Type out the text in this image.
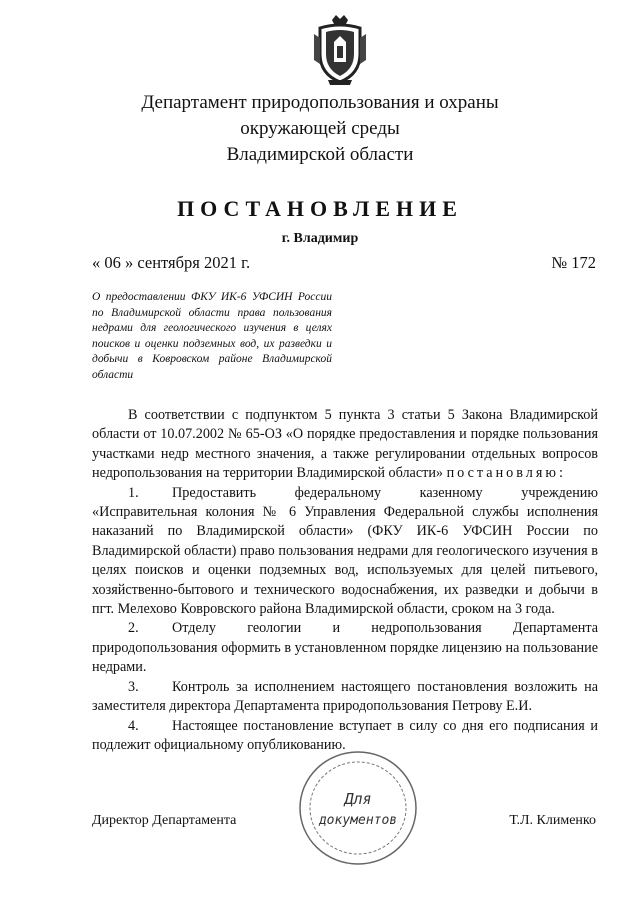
Департамент природопользования и охраны
окружающей среды
Владимирской области
ПОСТАНОВЛЕНИЕ
г. Владимир
« 06 » сентября 2021 г.	№ 172
О предоставлении ФКУ ИК-6 УФСИН России по Владимирской области права пользования недрами для геологического изучения в целях поисков и оценки подземных вод, их разведки и добычи в Ковровском районе Владимирской области
В соответствии с подпунктом 5 пункта 3 статьи 5 Закона Владимирской области от 10.07.2002 № 65-ОЗ «О порядке предоставления и порядке пользования участками недр местного значения, а также регулировании отдельных вопросов недропользования на территории Владимирской области» постановляю:
1. Предоставить федеральному казенному учреждению «Исправительная колония № 6 Управления Федеральной службы исполнения наказаний по Владимирской области» (ФКУ ИК-6 УФСИН России по Владимирской области) право пользования недрами для геологического изучения в целях поисков и оценки подземных вод, используемых для целей питьевого, хозяйственно-бытового и технического водоснабжения, их разведки и добычи в пгт. Мелехово Ковровского района Владимирской области, сроком на 3 года.
2. Отделу геологии и недропользования Департамента природопользования оформить в установленном порядке лицензию на пользование недрами.
3. Контроль за исполнением настоящего постановления возложить на заместителя директора Департамента природопользования Петрову Е.И.
4. Настоящее постановление вступает в силу со дня его подписания и подлежит официальному опубликованию.
Для
документов
Директор Департамента	Т.Л. Клименко
